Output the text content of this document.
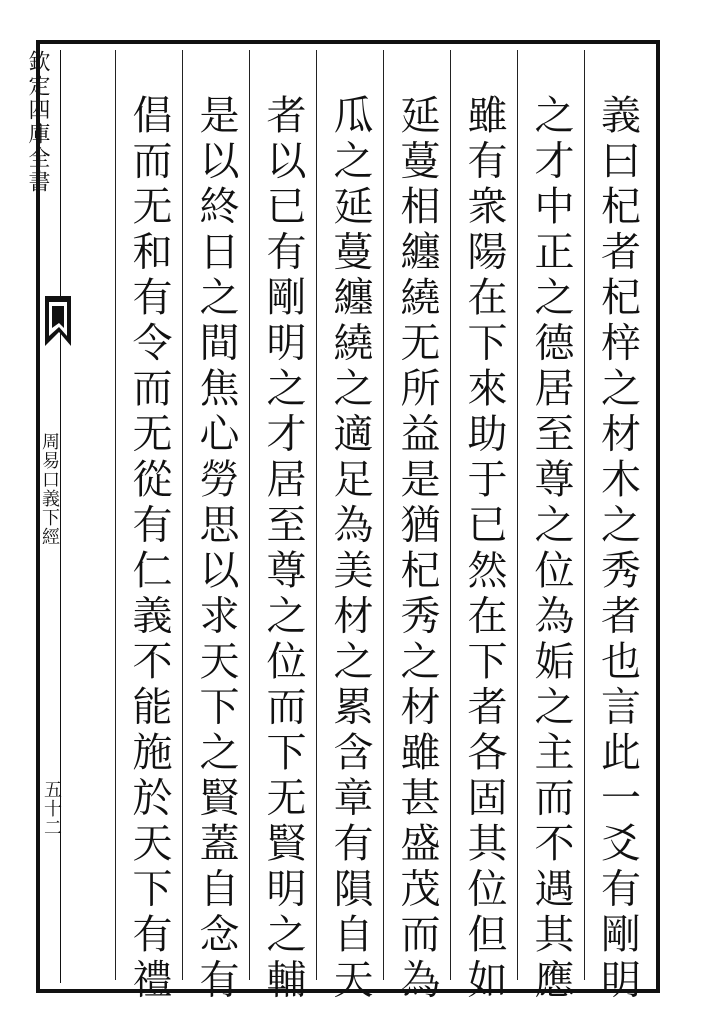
欽定四庫全書
周易口義下經
五十二	義曰杞者杞梓之材木之秀者也言此一爻有剛明
之才中正之德居至尊之位為姤之主而不遇其應
雖有衆陽在下來助于已然在下者各固其位但如
延蔓相纏繞无所益是猶杞秀之材雖甚盛茂而為
瓜之延蔓纏繞之適足為美材之累含章有隕自天
者以已有剛明之才居至尊之位而下无賢明之輔
是以終日之間焦心勞思以求天下之賢蓋自念有
倡而无和有令而无從有仁義不能施於天下有禮
